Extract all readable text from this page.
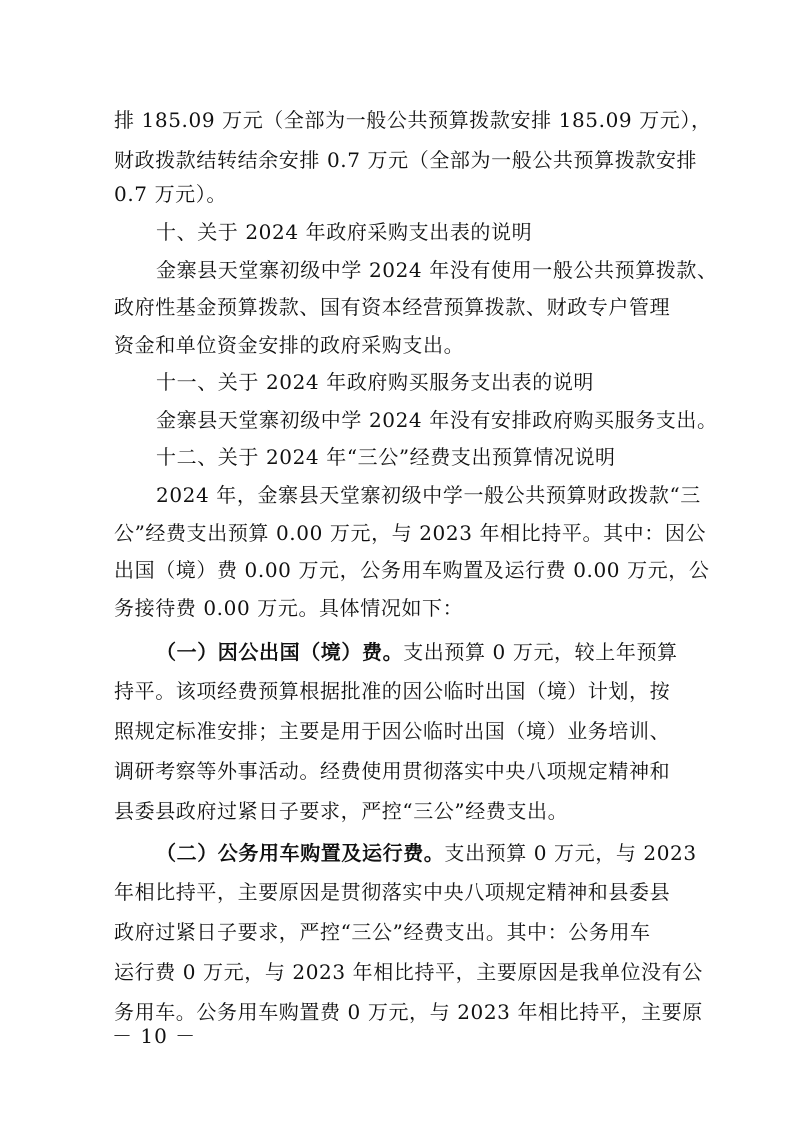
排 185.09 万元（全部为一般公共预算拨款安排 185.09 万元），
财政拨款结转结余安排 0.7 万元（全部为一般公共预算拨款安排
0.7 万元）。
十、关于 2024 年政府采购支出表的说明
金寨县天堂寨初级中学 2024 年没有使用一般公共预算拨款、
政府性基金预算拨款、国有资本经营预算拨款、财政专户管理
资金和单位资金安排的政府采购支出。
十一、关于 2024 年政府购买服务支出表的说明
金寨县天堂寨初级中学 2024 年没有安排政府购买服务支出。
十二、关于 2024 年“三公”经费支出预算情况说明
2024 年，金寨县天堂寨初级中学一般公共预算财政拨款“三
公”经费支出预算 0.00 万元，与 2023 年相比持平。其中：因公
出国（境）费 0.00 万元，公务用车购置及运行费 0.00 万元，公
务接待费 0.00 万元。具体情况如下：
（一）因公出国（境）费。支出预算 0 万元，较上年预算
持平。该项经费预算根据批准的因公临时出国（境）计划，按
照规定标准安排；主要是用于因公临时出国（境）业务培训、
调研考察等外事活动。经费使用贯彻落实中央八项规定精神和
县委县政府过紧日子要求，严控“三公”经费支出。
（二）公务用车购置及运行费。支出预算 0 万元，与 2023
年相比持平，主要原因是贯彻落实中央八项规定精神和县委县
政府过紧日子要求，严控“三公”经费支出。其中：公务用车
运行费 0 万元，与 2023 年相比持平，主要原因是我单位没有公
务用车。公务用车购置费 0 万元，与 2023 年相比持平，主要原
－ 10 －
